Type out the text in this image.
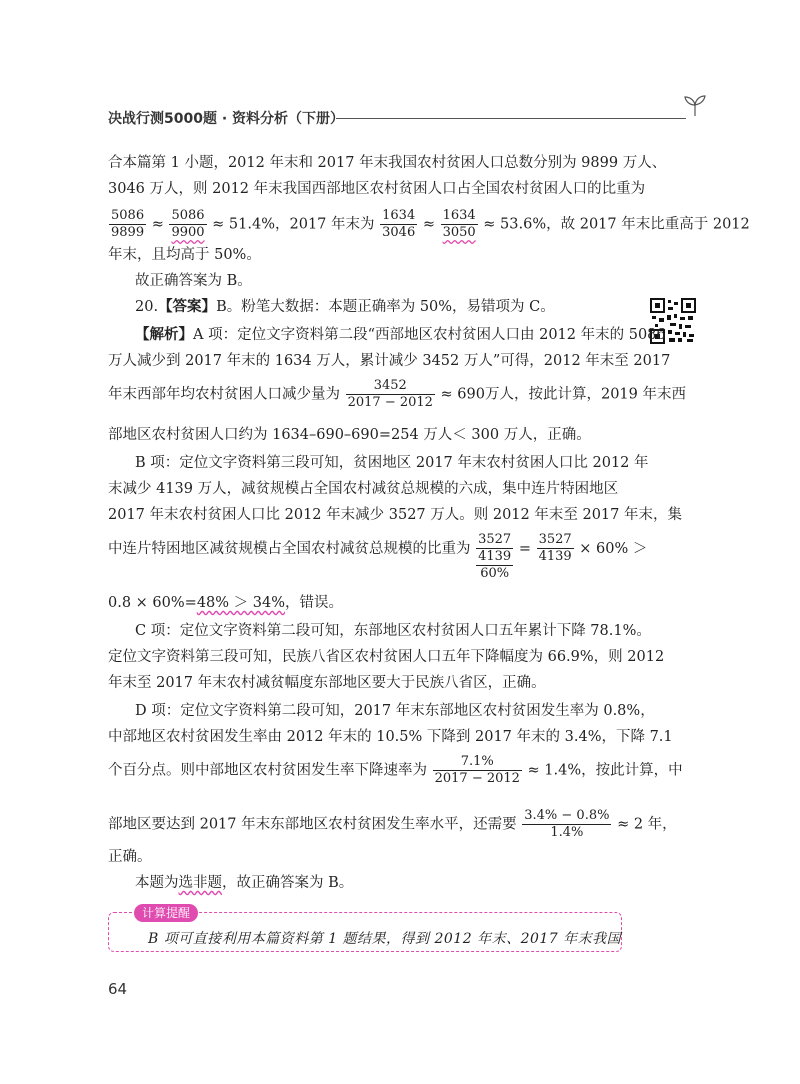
决战行测5000题 · 资料分析（下册）
合本篇第 1 小题，2012 年末和 2017 年末我国农村贫困人口总数分别为 9899 万人、
3046 万人，则 2012 年末我国西部地区农村贫困人口占全国农村贫困人口的比重为
$\frac{5086}{9899} \approx \frac{5086}{9900} \approx 51.4\%$，2017 年末为 $\frac{1634}{3046} \approx \frac{1634}{3050} \approx 53.6\%$，故 2017 年末比重高于 2012
年末，且均高于 50%。
故正确答案为 B。
20.【答案】B。粉笔大数据：本题正确率为 50%，易错项为 C。
【解析】A 项：定位文字资料第二段“西部地区农村贫困人口由 2012 年末的 5086
万人减少到 2017 年末的 1634 万人，累计减少 3452 万人”可得，2012 年末至 2017
年末西部年均农村贫困人口减少量为 $\frac{3452}{2017 - 2012} \approx 690$万人，按此计算，2019 年末西
部地区农村贫困人口约为 1634–690–690=254 万人＜ 300 万人，正确。
B 项：定位文字资料第三段可知，贫困地区 2017 年末农村贫困人口比 2012 年
末减少 4139 万人，减贫规模占全国农村减贫总规模的六成，集中连片特困地区
2017 年末农村贫困人口比 2012 年末减少 3527 万人。则 2012 年末至 2017 年末，集
中连片特困地区减贫规模占全国农村减贫总规模的比重为
3527
4139
60%
= $\frac{3527}{4139} \times 60\%$ ＞
0.8 × 60%=48% ＞ 34%，错误。
C 项：定位文字资料第二段可知，东部地区农村贫困人口五年累计下降 78.1%。
定位文字资料第三段可知，民族八省区农村贫困人口五年下降幅度为 66.9%，则 2012
年末至 2017 年末农村减贫幅度东部地区要大于民族八省区，正确。
D 项：定位文字资料第二段可知，2017 年末东部地区农村贫困发生率为 0.8%，
中部地区农村贫困发生率由 2012 年末的 10.5% 下降到 2017 年末的 3.4%，下降 7.1
个百分点。则中部地区农村贫困发生率下降速率为 $\frac{7.1\%}{2017 - 2012} \approx 1.4\%$，按此计算，中
部地区要达到 2017 年末东部地区农村贫困发生率水平，还需要 $\frac{3.4\% - 0.8\%}{1.4\%} \approx 2$ 年，
正确。
本题为选非题，故正确答案为 B。
计算提醒
B 项可直接利用本篇资料第 1 题结果，得到 2012 年末、2017 年末我国
64
